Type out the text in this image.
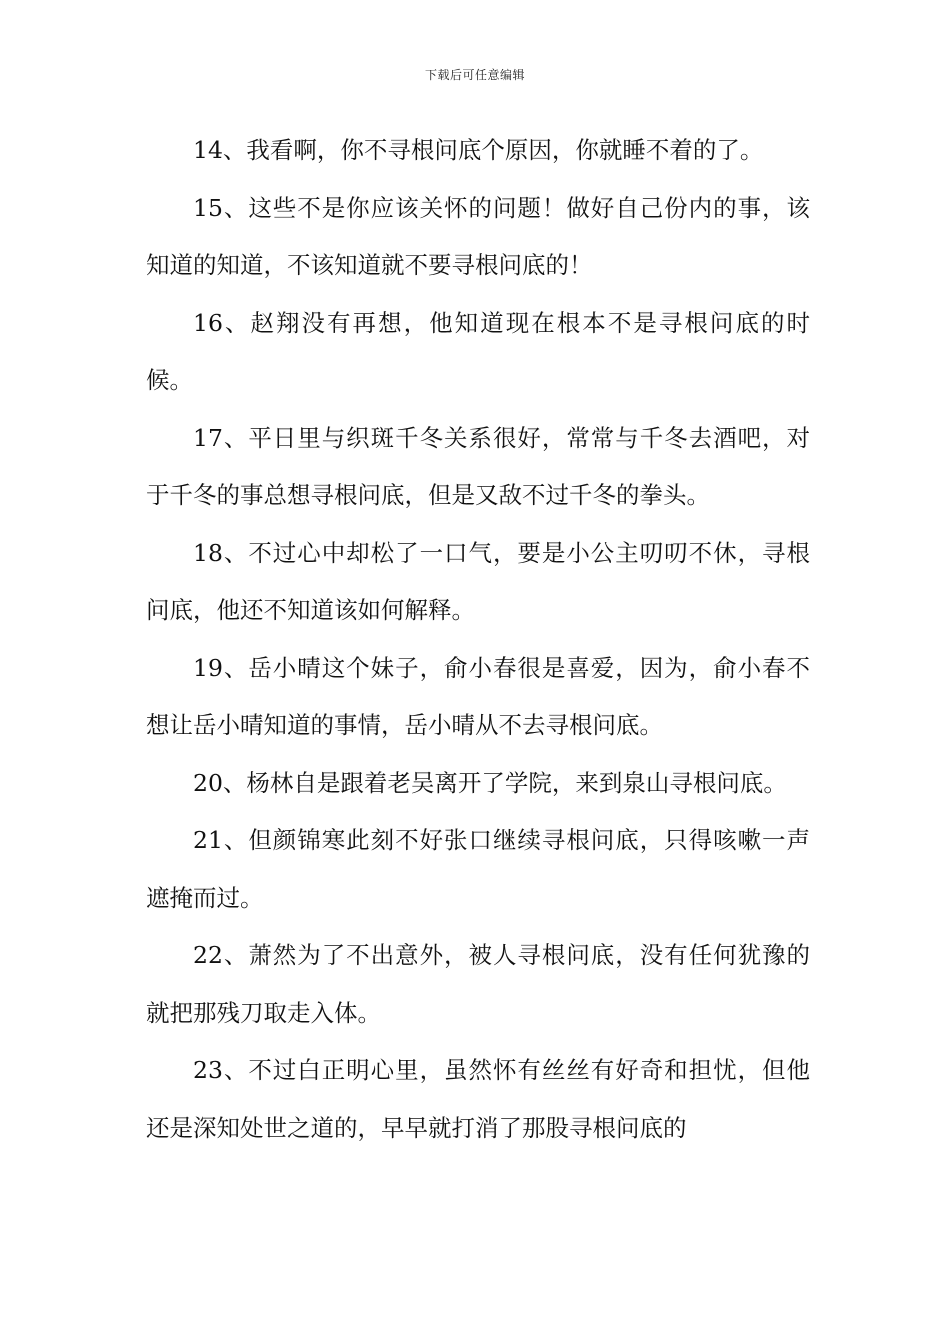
下载后可任意编辑

14、我看啊，你不寻根问底个原因，你就睡不着的了。

15、这些不是你应该关怀的问题！做好自己份内的事，该知道的知道，不该知道就不要寻根问底的！

16、赵翔没有再想，他知道现在根本不是寻根问底的时候。

17、平日里与织斑千冬关系很好，常常与千冬去酒吧，对于千冬的事总想寻根问底，但是又敌不过千冬的拳头。

18、不过心中却松了一口气，要是小公主叨叨不休，寻根问底，他还不知道该如何解释。

19、岳小晴这个妹子，俞小春很是喜爱，因为，俞小春不想让岳小晴知道的事情，岳小晴从不去寻根问底。

20、杨林自是跟着老吴离开了学院，来到泉山寻根问底。

21、但颜锦寒此刻不好张口继续寻根问底，只得咳嗽一声遮掩而过。

22、萧然为了不出意外，被人寻根问底，没有任何犹豫的就把那残刀取走入体。

23、不过白正明心里，虽然怀有丝丝有好奇和担忧，但他还是深知处世之道的，早早就打消了那股寻根问底的
